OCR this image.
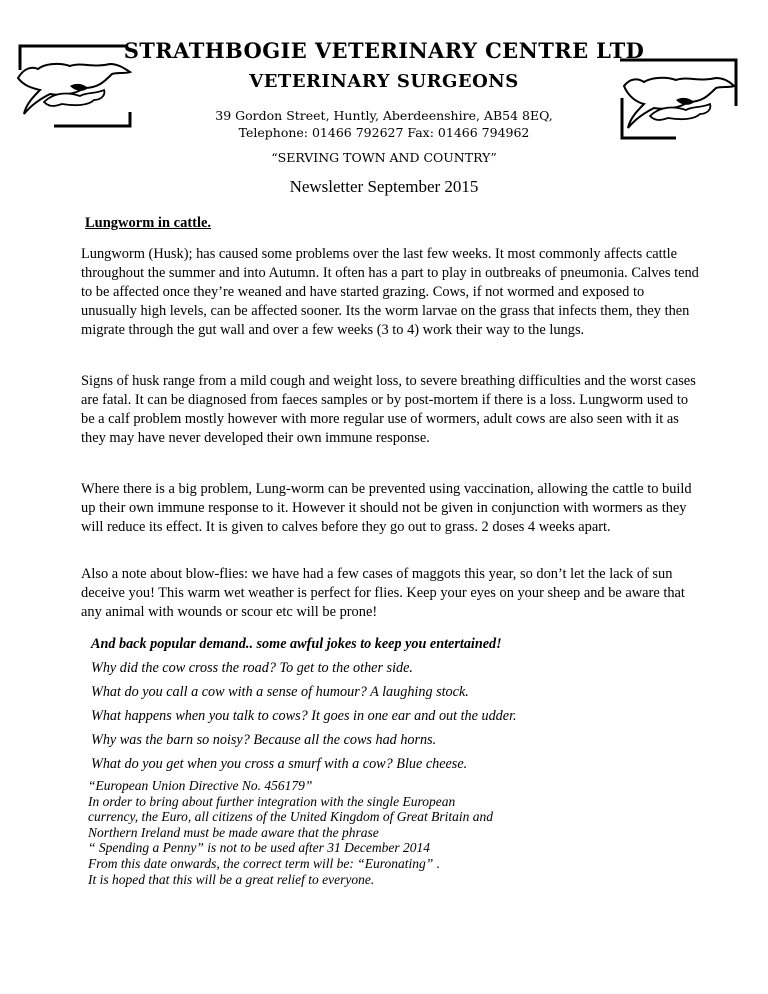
STRATHBOGIE VETERINARY CENTRE LTD
VETERINARY SURGEONS
39 Gordon Street, Huntly, Aberdeenshire, AB54 8EQ,
Telephone: 01466 792627 Fax: 01466 794962
“SERVING TOWN AND COUNTRY”
Newsletter September 2015
Lungworm in cattle.
Lungworm (Husk); has caused some problems over the last few weeks. It most commonly affects cattle throughout the summer and into Autumn. It often has a part to play in outbreaks of pneumonia. Calves tend to be affected once they’re weaned and have started grazing. Cows, if not wormed and exposed to unusually high levels, can be affected sooner. Its the worm larvae on the grass that infects them, they then migrate through the gut wall and over a few weeks (3 to 4) work their way to the lungs.
Signs of husk range from a mild cough and weight loss, to severe breathing difficulties and the worst cases are fatal. It can be diagnosed from faeces samples or by post-mortem if there is a loss. Lungworm used to be a calf problem mostly however with more regular use of wormers, adult cows are also seen with it as they may have never developed their own immune response.
Where there is a big problem, Lung-worm can be prevented using vaccination, allowing the cattle to build up their own immune response to it. However it should not be given in conjunction with wormers as they will reduce its effect. It is given to calves before they go out to grass. 2 doses 4 weeks apart.
Also a note about blow-flies: we have had a few cases of maggots this year, so don’t let the lack of sun deceive you! This warm wet weather is perfect for flies. Keep your eyes on your sheep and be aware that any animal with wounds or scour etc will be prone!
And back popular demand.. some awful jokes to keep you entertained!
Why did the cow cross the road? To get to the other side.
What do you call a cow with a sense of humour? A laughing stock.
What happens when you talk to cows? It goes in one ear and out the udder.
Why was the barn so noisy? Because all the cows had horns.
What do you get when you cross a smurf with a cow? Blue cheese.
“European Union Directive No. 456179”
In order to bring about further integration with the single European
currency, the Euro, all citizens of the United Kingdom of Great Britain and
Northern Ireland must be made aware that the phrase
“ Spending a Penny” is not to be used after 31 December 2014
From this date onwards, the correct term will be: “Euronating” .
It is hoped that this will be a great relief to everyone.
